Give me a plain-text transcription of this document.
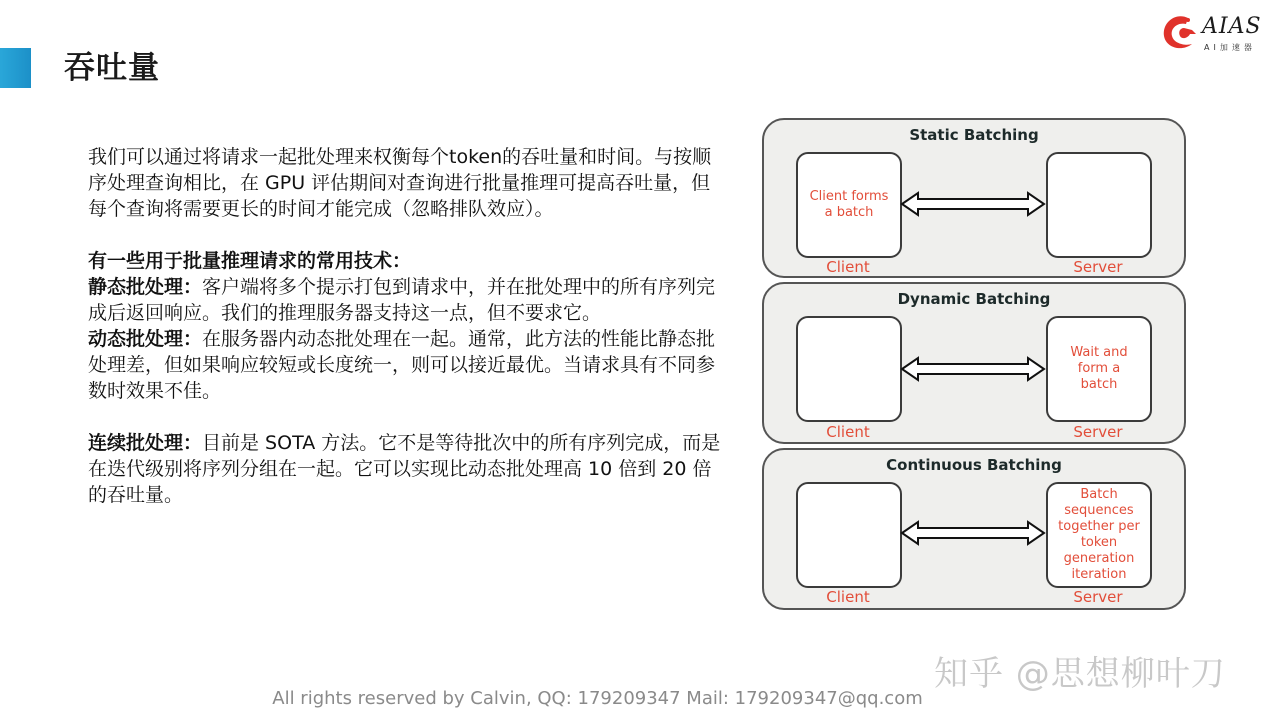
吞吐量
AIAS
AI加速器

我们可以通过将请求一起批处理来权衡每个token的吞吐量和时间。与按顺序处理查询相比，在 GPU 评估期间对查询进行批量推理可提高吞吐量，但每个查询将需要更长的时间才能完成（忽略排队效应）。

有一些用于批量推理请求的常用技术：

静态批处理：客户端将多个提示打包到请求中，并在批处理中的所有序列完成后返回响应。我们的推理服务器支持这一点，但不要求它。

动态批处理：在服务器内动态批处理在一起。通常，此方法的性能比静态批处理差，但如果响应较短或长度统一，则可以接近最优。当请求具有不同参数时效果不佳。

连续批处理：目前是 SOTA 方法。它不是等待批次中的所有序列完成，而是在迭代级别将序列分组在一起。它可以实现比动态批处理高 10 倍到 20 倍的吞吐量。

Static Batching
Client forms a batch
Client	Server
Dynamic Batching
Wait and form a batch
Client	Server
Continuous Batching
Batch sequences together per token generation iteration
Client	Server
知乎 @思想柳叶刀
All rights reserved by Calvin, QQ: 179209347 Mail: 179209347@qq.com
